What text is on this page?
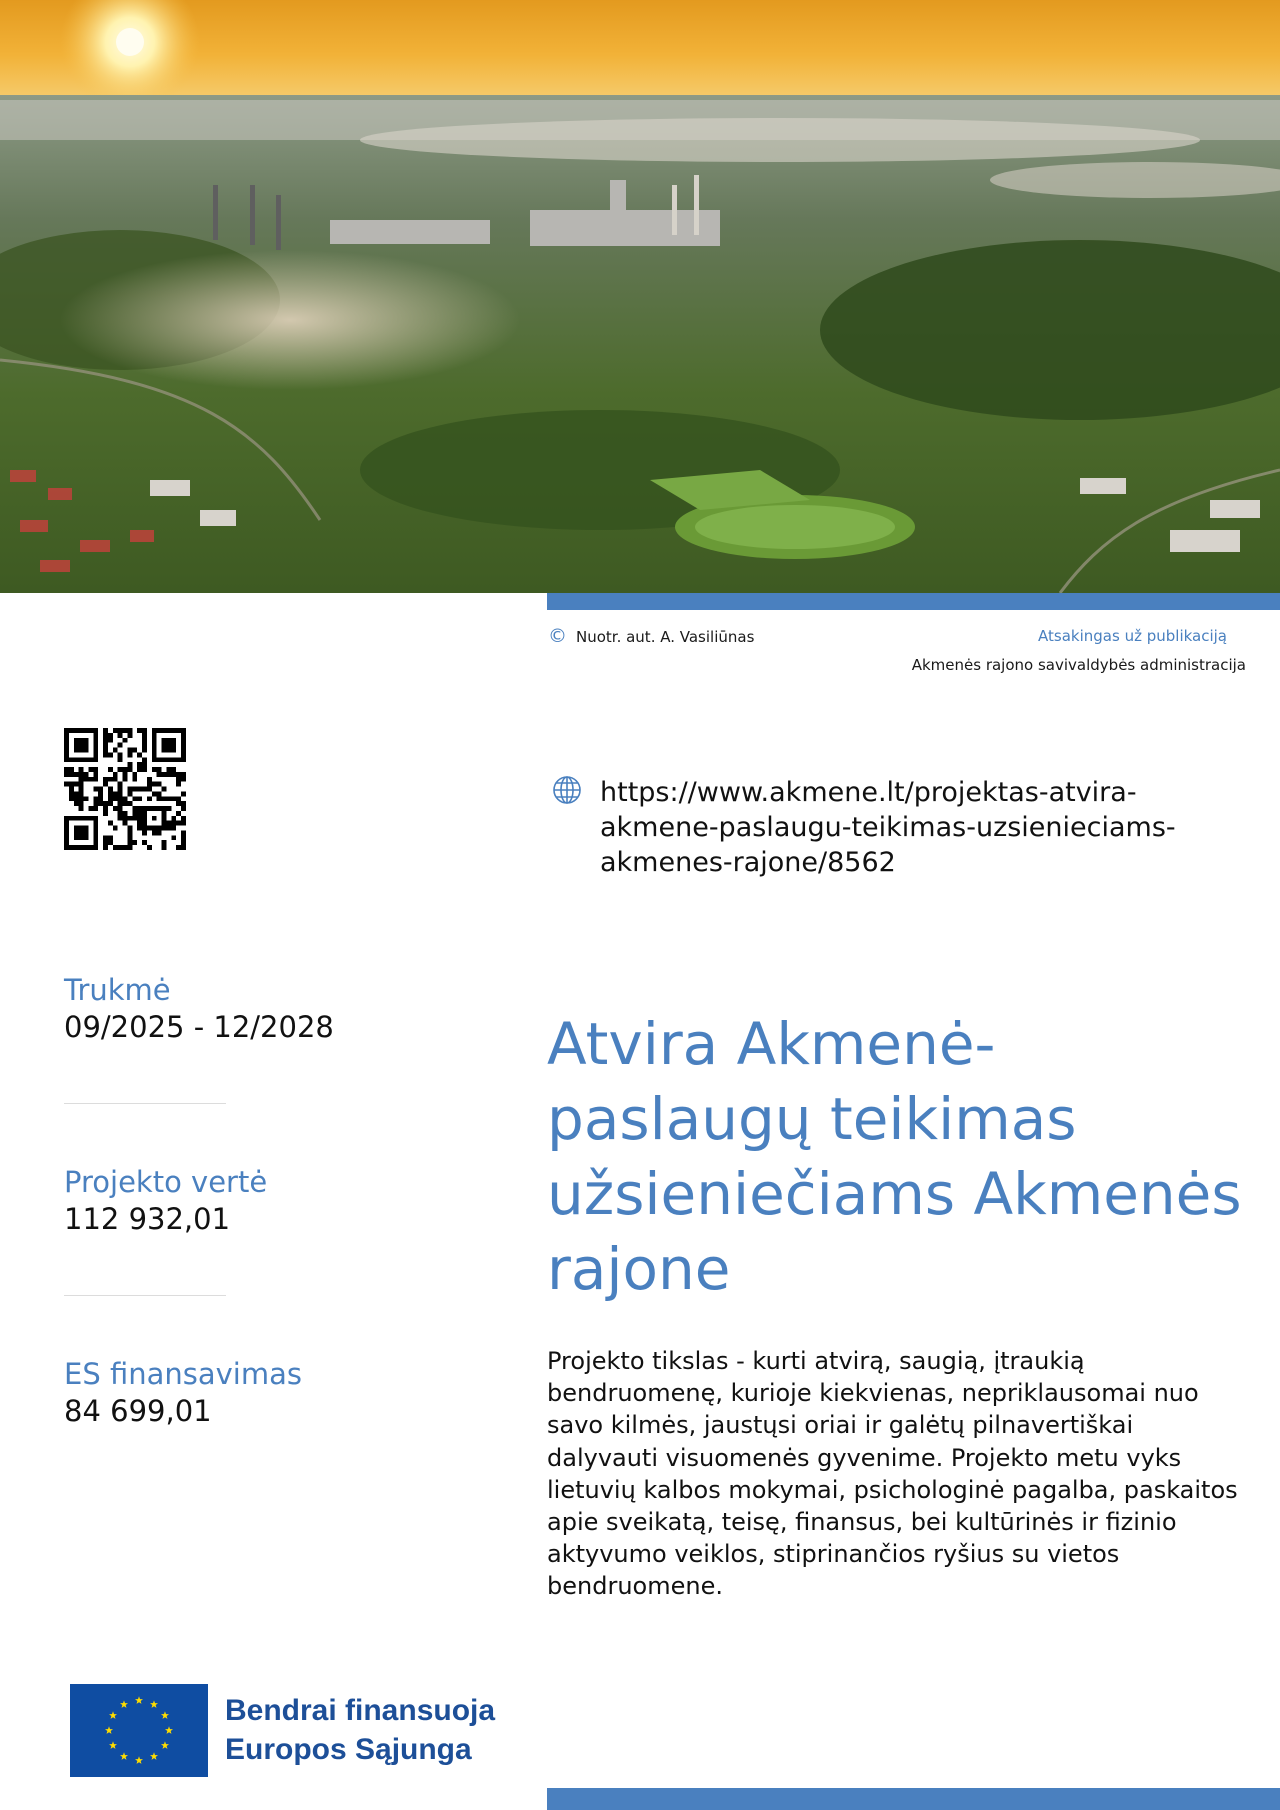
© Nuotr. aut. A. Vasiliūnas	Atsakingas už publikaciją
Akmenės rajono savivaldybės administracija
https://www.akmene.lt/projektas-atvira-akmene-paslaugu-teikimas-uzsienieciams-akmenes-rajone/8562
Trukmė
09/2025 - 12/2028
Projekto vertė
112 932,01
ES finansavimas
84 699,01
Atvira Akmenė- paslaugų teikimas užsieniečiams Akmenės rajone

Projekto tikslas - kurti atvirą, saugią, įtraukią bendruomenę, kurioje kiekvienas, nepriklausomai nuo savo kilmės, jaustųsi oriai ir galėtų pilnavertiškai dalyvauti visuomenės gyvenime. Projekto metu vyks lietuvių kalbos mokymai, psichologinė pagalba, paskaitos apie sveikatą, teisę, finansus, bei kultūrinės ir fizinio aktyvumo veiklos, stiprinančios ryšius su vietos bendruomene.

Bendrai finansuoja
Europos Sąjunga
